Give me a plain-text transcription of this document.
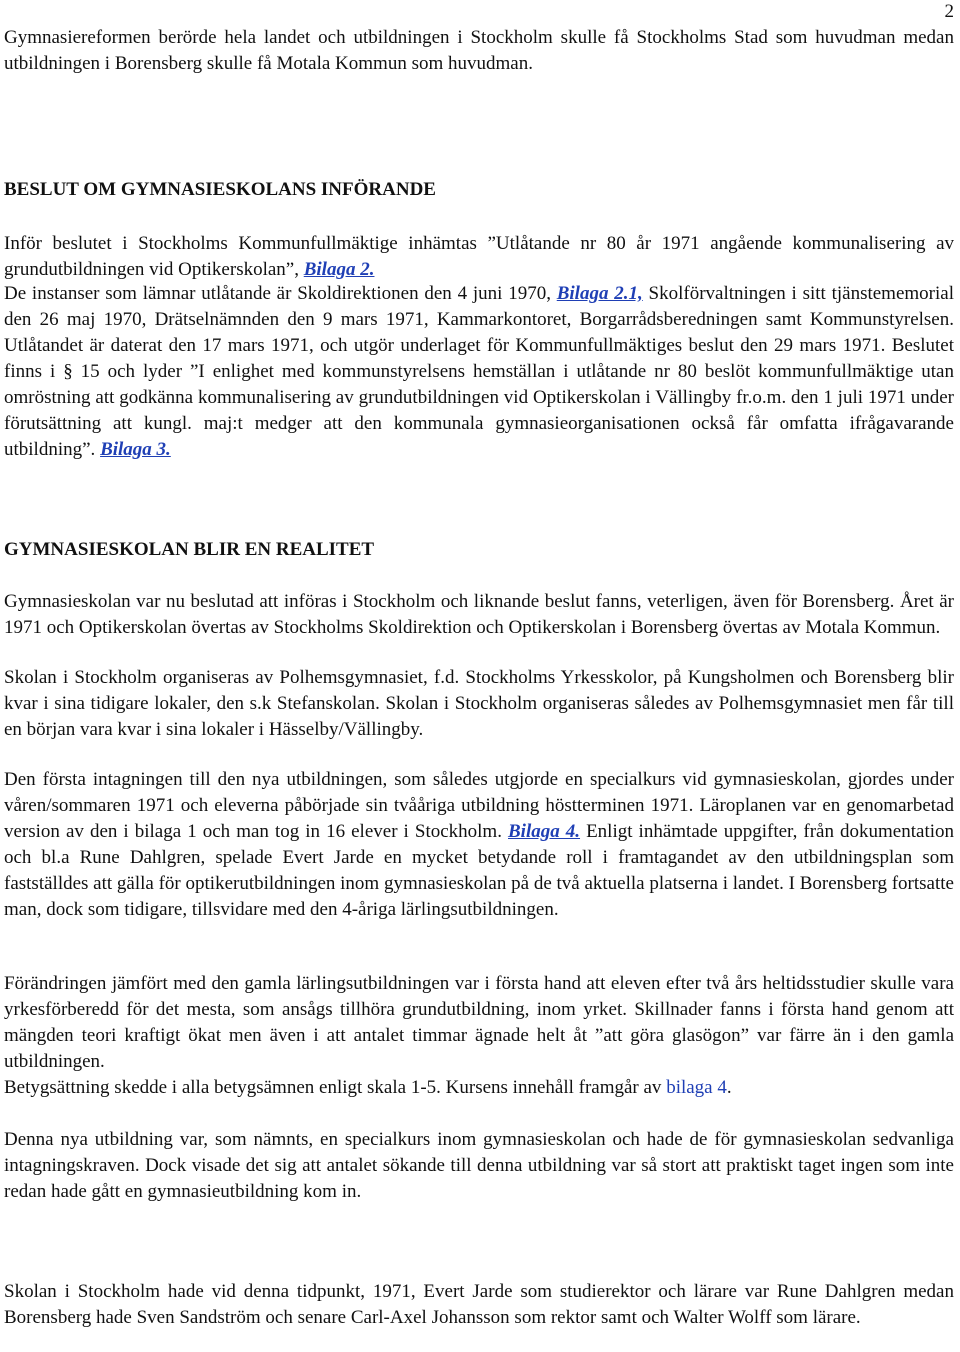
2

Gymnasiereformen berörde hela landet och utbildningen i Stockholm skulle få Stockholms Stad som huvudman medan utbildningen i Borensberg skulle få Motala Kommun som huvudman.

BESLUT OM GYMNASIESKOLANS INFÖRANDE

Inför beslutet i Stockholms Kommunfullmäktige inhämtas ”Utlåtande nr 80 år 1971 angående kommunalisering av grundutbildningen vid Optikerskolan”, Bilaga 2.

De instanser som lämnar utlåtande är Skoldirektionen den 4 juni 1970, Bilaga 2.1, Skolförvaltningen i sitt tjänstememorial den 26 maj 1970, Drätselnämnden den 9 mars 1971, Kammarkontoret, Borgarrådsberedningen samt Kommunstyrelsen. Utlåtandet är daterat den 17 mars 1971, och utgör underlaget för Kommunfullmäktiges beslut den 29 mars 1971. Beslutet finns i § 15 och lyder ”I enlighet med kommunstyrelsens hemställan i utlåtande nr 80 beslöt kommunfullmäktige utan omröstning att godkänna kommunalisering av grundutbildningen vid Optikerskolan i Vällingby fr.o.m. den 1 juli 1971 under förutsättning att kungl. maj:t medger att den kommunala gymnasieorganisationen också får omfatta ifrågavarande utbildning”. Bilaga 3.

GYMNASIESKOLAN BLIR EN REALITET

Gymnasieskolan var nu beslutad att införas i Stockholm och liknande beslut fanns, veterligen, även för Borensberg. Året är 1971 och Optikerskolan övertas av Stockholms Skoldirektion och Optikerskolan i Borensberg övertas av Motala Kommun.

Skolan i Stockholm organiseras av Polhemsgymnasiet, f.d. Stockholms Yrkesskolor, på Kungsholmen och Borensberg blir kvar i sina tidigare lokaler, den s.k Stefanskolan. Skolan i Stockholm organiseras således av Polhemsgymnasiet men får till en början vara kvar i sina lokaler i Hässelby/Vällingby.

Den första intagningen till den nya utbildningen, som således utgjorde en specialkurs vid gymnasieskolan, gjordes under våren/sommaren 1971 och eleverna påbörjade sin tvååriga utbildning höstterminen 1971. Läroplanen var en genomarbetad version av den i bilaga 1 och man tog in 16 elever i Stockholm. Bilaga 4. Enligt inhämtade uppgifter, från dokumentation och bl.a Rune Dahlgren, spelade Evert Jarde en mycket betydande roll i framtagandet av den utbildningsplan som fastställdes att gälla för optikerutbildningen inom gymnasieskolan på de två aktuella platserna i landet. I Borensberg fortsatte man, dock som tidigare, tillsvidare med den 4-åriga lärlingsutbildningen.

Förändringen jämfört med den gamla lärlingsutbildningen var i första hand att eleven efter två års heltidsstudier skulle vara yrkesförberedd för det mesta, som ansågs tillhöra grundutbildning, inom yrket. Skillnader fanns i första hand genom att mängden teori kraftigt ökat men även i att antalet timmar ägnade helt åt ”att göra glasögon” var färre än i den gamla utbildningen.

Betygsättning skedde i alla betygsämnen enligt skala 1-5. Kursens innehåll framgår av bilaga 4.

Denna nya utbildning var, som nämnts, en specialkurs inom gymnasieskolan och hade de för gymnasieskolan sedvanliga intagningskraven. Dock visade det sig att antalet sökande till denna utbildning var så stort att praktiskt taget ingen som inte redan hade gått en gymnasieutbildning kom in.

Skolan i Stockholm hade vid denna tidpunkt, 1971, Evert Jarde som studierektor och lärare var Rune Dahlgren medan Borensberg hade Sven Sandström och senare Carl-Axel Johansson som rektor samt och Walter Wolff som lärare.
